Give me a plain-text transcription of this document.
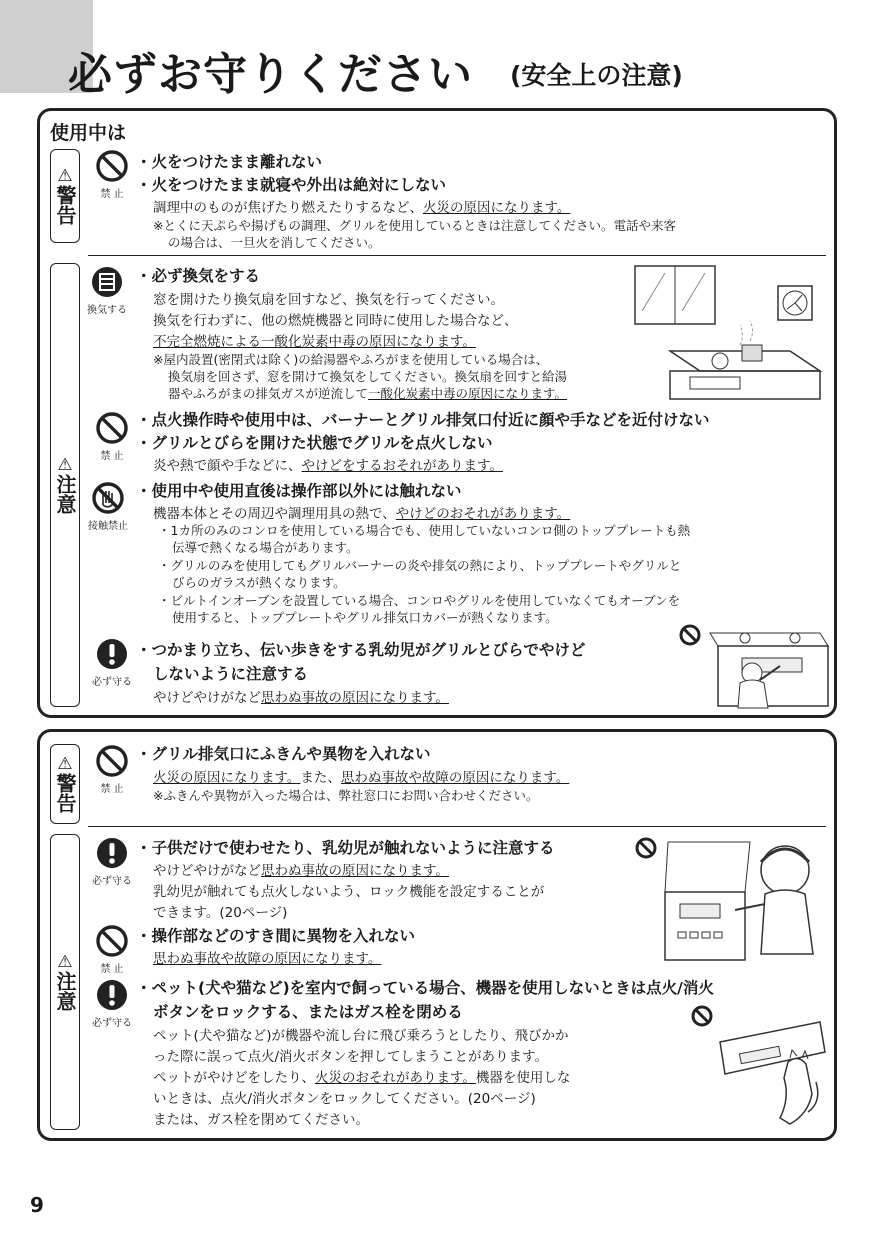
必ずお守りください (安全上の注意)
使用中は
⚠
警告 禁 止
・火をつけたまま離れない
・火をつけたまま就寝や外出は絶対にしない
調理中のものが焦げたり燃えたりするなど、火災の原因になります。
※とくに天ぷらや揚げもの調理、グリルを使用しているときは注意してください。電話や来客
の場合は、一旦火を消してください。
⚠
注意
換気する
・必ず換気をする
窓を開けたり換気扇を回すなど、換気を行ってください。
換気を行わずに、他の燃焼機器と同時に使用した場合など、
不完全燃焼による一酸化炭素中毒の原因になります。
※屋内設置(密閉式は除く)の給湯器やふろがまを使用している場合は、
換気扇を回さず、窓を開けて換気をしてください。換気扇を回すと給湯
器やふろがまの排気ガスが逆流して一酸化炭素中毒の原因になります。
禁 止
・点火操作時や使用中は、バーナーとグリル排気口付近に顔や手などを近付けない
・グリルとびらを開けた状態でグリルを点火しない
炎や熱で顔や手などに、やけどをするおそれがあります。
接触禁止
・使用中や使用直後は操作部以外には触れない
機器本体とその周辺や調理用具の熱で、やけどのおそれがあります。
・1カ所のみのコンロを使用している場合でも、使用していないコンロ側のトッププレートも熱
伝導で熱くなる場合があります。
・グリルのみを使用してもグリルバーナーの炎や排気の熱により、トッププレートやグリルと
びらのガラスが熱くなります。
・ビルトインオーブンを設置している場合、コンロやグリルを使用していなくてもオーブンを
使用すると、トッププレートやグリル排気口カバーが熱くなります。
必ず守る
・つかまり立ち、伝い歩きをする乳幼児がグリルとびらでやけど
しないように注意する
やけどやけがなど思わぬ事故の原因になります。
⚠
警告 禁 止
・グリル排気口にふきんや異物を入れない
火災の原因になります。また、思わぬ事故や故障の原因になります。
※ふきんや異物が入った場合は、弊社窓口にお問い合わせください。
⚠
注意
必ず守る
・子供だけで使わせたり、乳幼児が触れないように注意する
やけどやけがなど思わぬ事故の原因になります。
乳幼児が触れても点火しないよう、ロック機能を設定することが
できます。(20ページ)
禁 止
・操作部などのすき間に異物を入れない
思わぬ事故や故障の原因になります。
必ず守る
・ペット(犬や猫など)を室内で飼っている場合、機器を使用しないときは点火/消火
ボタンをロックする、またはガス栓を閉める
ペット(犬や猫など)が機器や流し台に飛び乗ろうとしたり、飛びかか
った際に誤って点火/消火ボタンを押してしまうことがあります。
ペットがやけどをしたり、火災のおそれがあります。機器を使用しな
いときは、点火/消火ボタンをロックしてください。(20ページ)
または、ガス栓を閉めてください。
9
